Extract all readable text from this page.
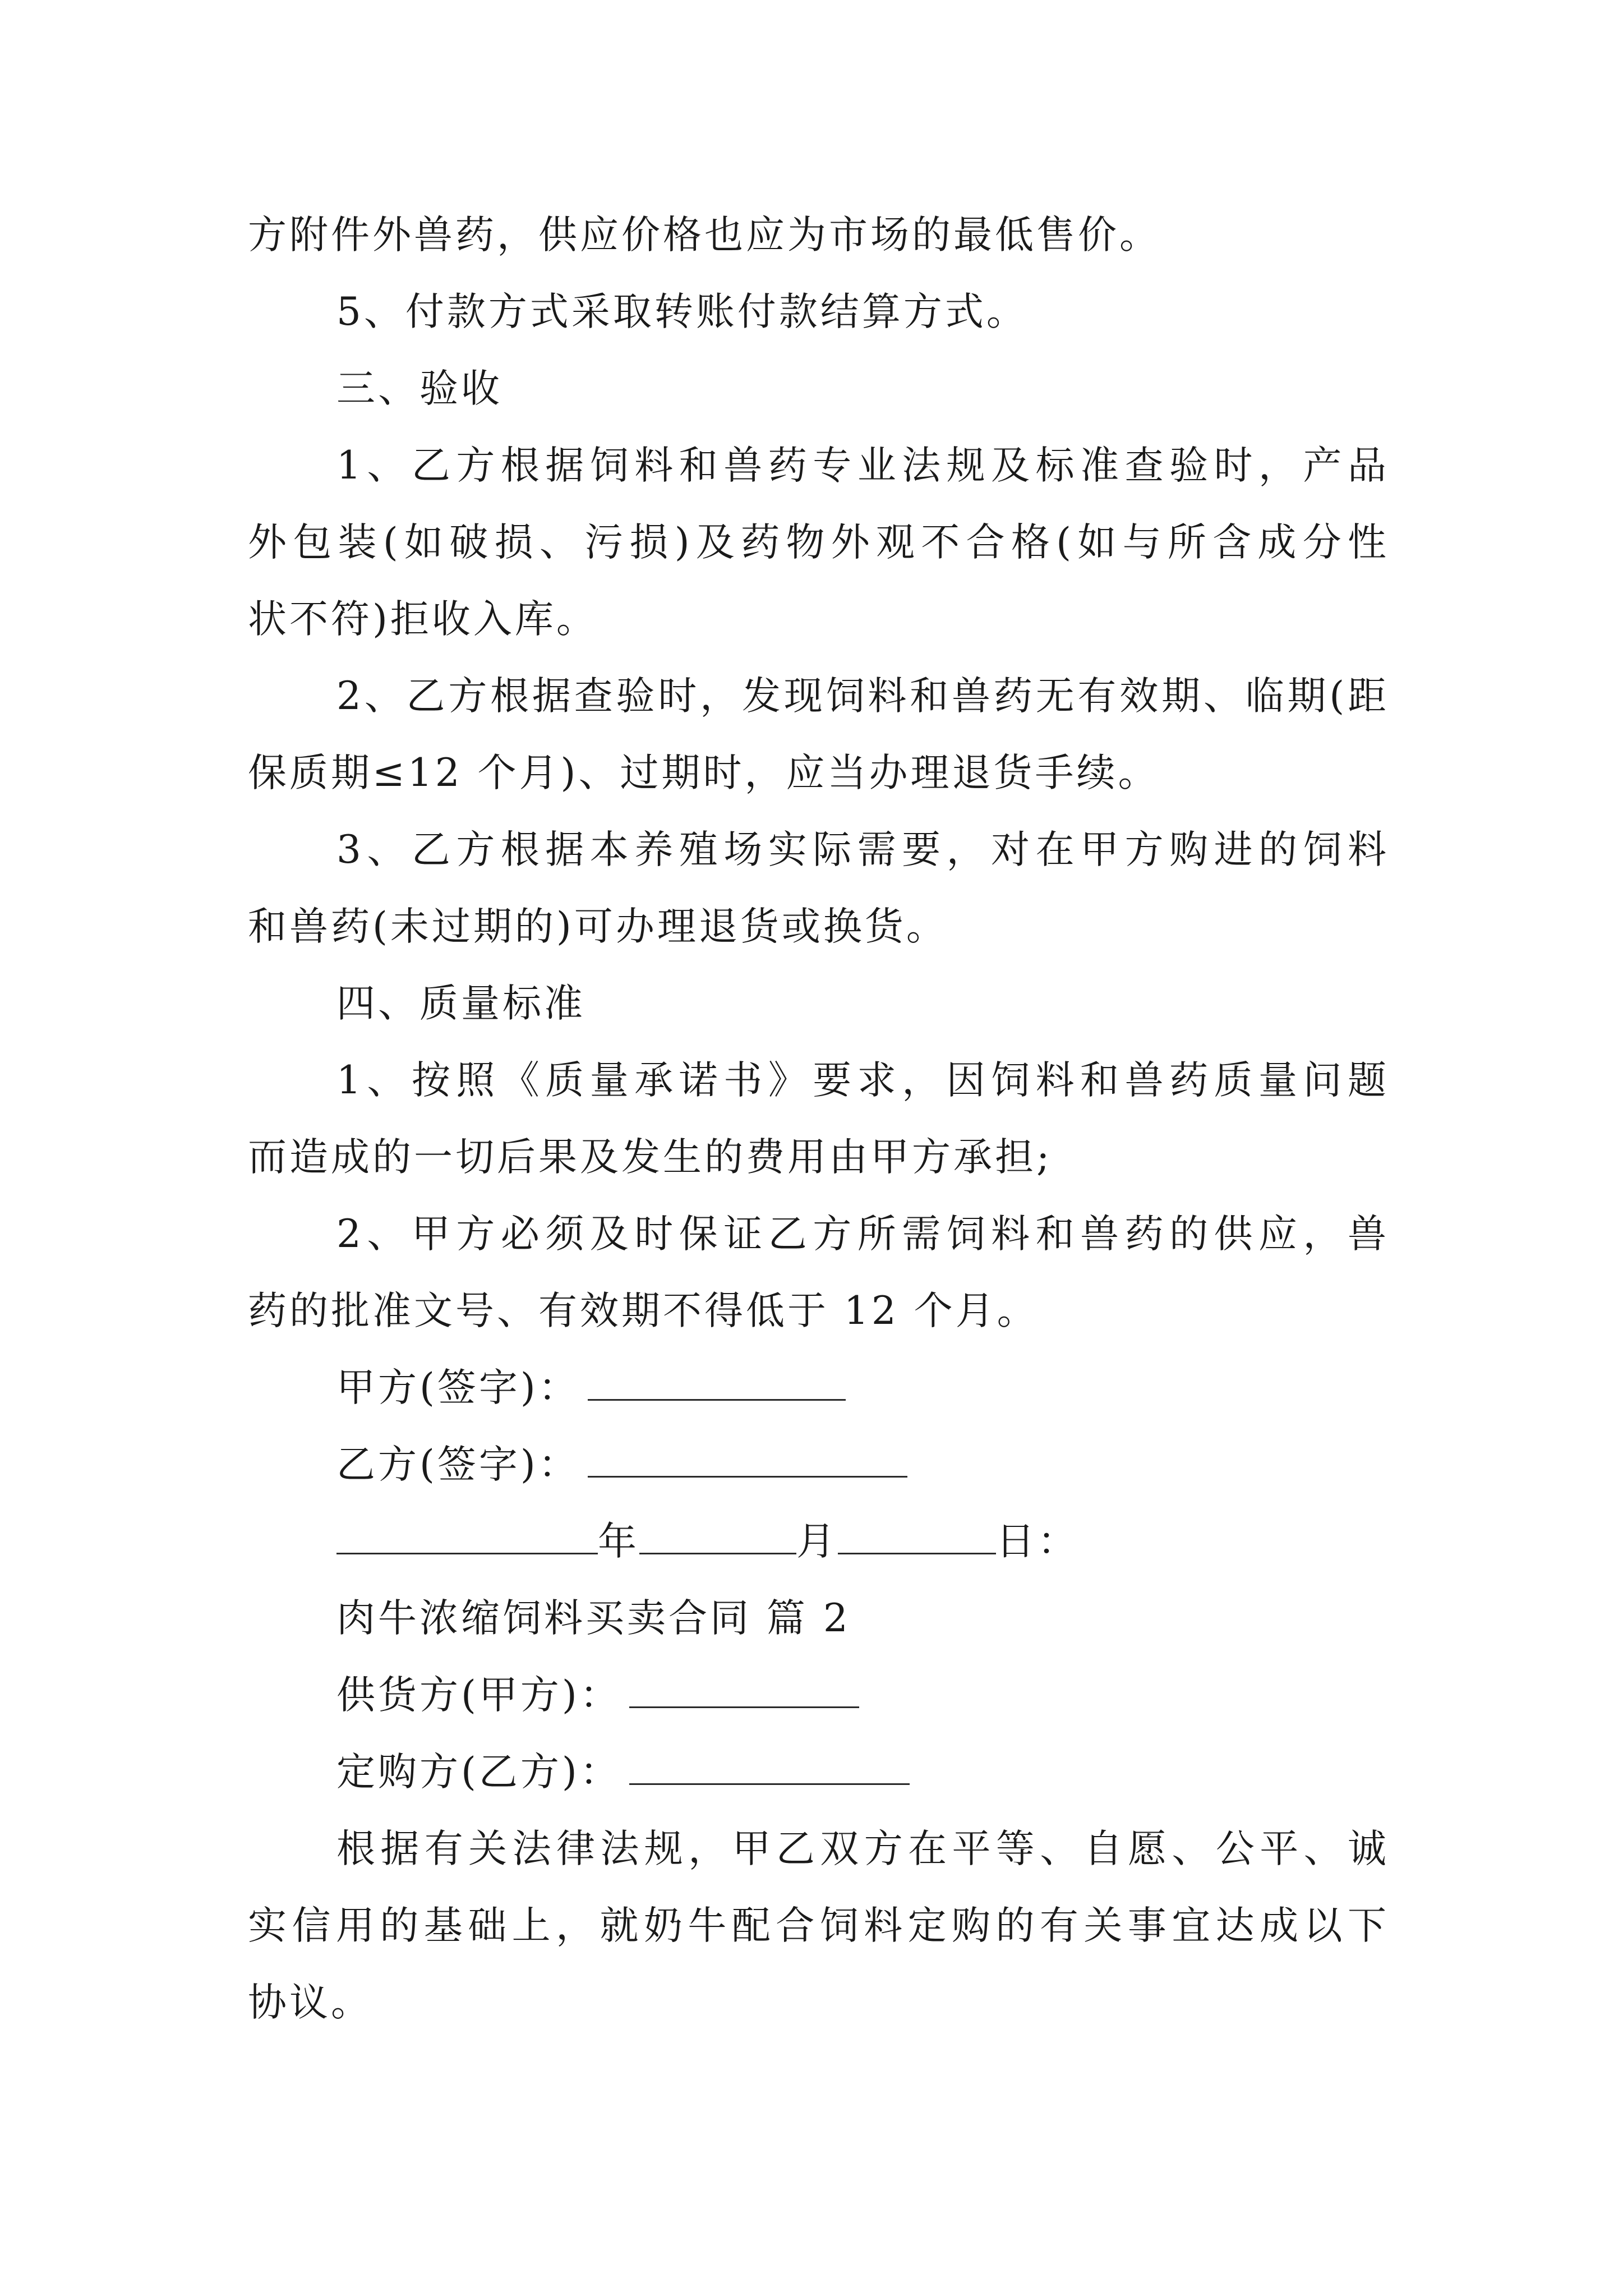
方附件外兽药，供应价格也应为市场的最低售价。
5、付款方式采取转账付款结算方式。
三、验收
1、乙方根据饲料和兽药专业法规及标准查验时，产品
外包装(如破损、污损)及药物外观不合格(如与所含成分性
状不符)拒收入库。
2、乙方根据查验时，发现饲料和兽药无有效期、临期(距
保质期≤12 个月)、过期时，应当办理退货手续。
3、乙方根据本养殖场实际需要，对在甲方购进的饲料
和兽药(未过期的)可办理退货或换货。
四、质量标准
1、按照《质量承诺书》要求，因饲料和兽药质量问题
而造成的一切后果及发生的费用由甲方承担;
2、甲方必须及时保证乙方所需饲料和兽药的供应，兽
药的批准文号、有效期不得低于 12 个月。
甲方(签字)：
乙方(签字)：
年	月	日：
肉牛浓缩饲料买卖合同 篇 2
供货方(甲方)：
定购方(乙方)：
根据有关法律法规，甲乙双方在平等、自愿、公平、诚
实信用的基础上，就奶牛配合饲料定购的有关事宜达成以下
协议。
